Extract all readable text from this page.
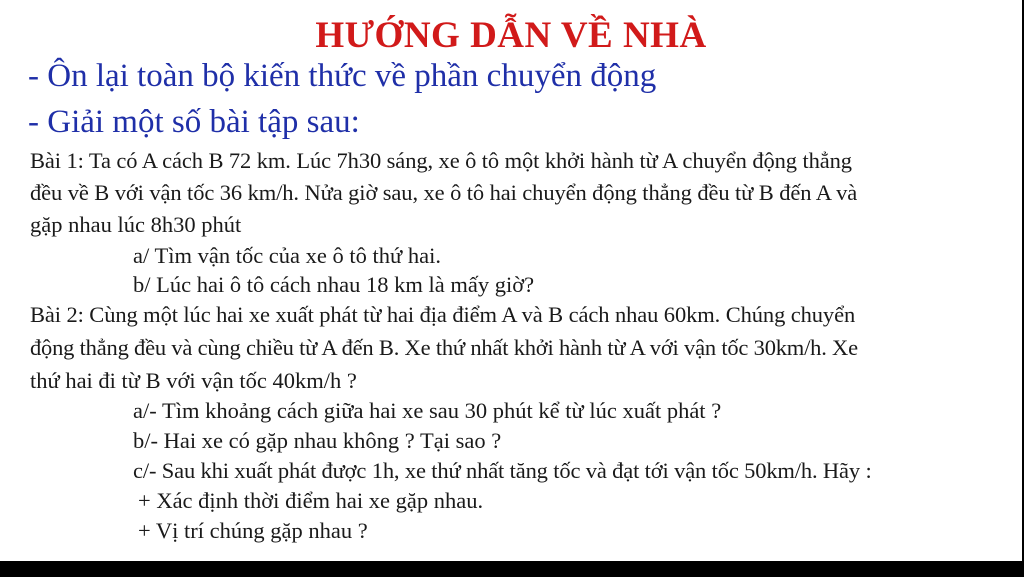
HƯỚNG DẪN VỀ NHÀ
- Ôn lại toàn bộ kiến thức về phần chuyển động
- Giải một số bài tập sau:
Bài 1: Ta có A cách B 72 km. Lúc 7h30 sáng, xe ô tô một khởi hành từ A chuyển động thẳng
đều về B với vận tốc 36 km/h. Nửa giờ sau, xe ô tô hai chuyển động thẳng đều từ B đến A và
gặp nhau lúc 8h30 phút
a/ Tìm vận tốc của xe ô tô thứ hai.
b/ Lúc hai ô tô cách nhau 18 km là mấy giờ?
Bài 2: Cùng một lúc hai xe xuất phát từ hai địa điểm A và B cách nhau 60km. Chúng chuyển
động thẳng đều và cùng chiều từ A đến B. Xe thứ nhất khởi hành từ A với vận tốc 30km/h. Xe
thứ hai đi từ B với vận tốc 40km/h ?
a/- Tìm khoảng cách giữa hai xe sau 30 phút kể từ lúc xuất phát ?
b/- Hai xe có gặp nhau không ? Tại sao ?
c/- Sau khi xuất phát được 1h, xe thứ nhất tăng tốc và đạt tới vận tốc 50km/h. Hãy :
+ Xác định thời điểm hai xe gặp nhau.
+ Vị trí chúng gặp nhau ?
